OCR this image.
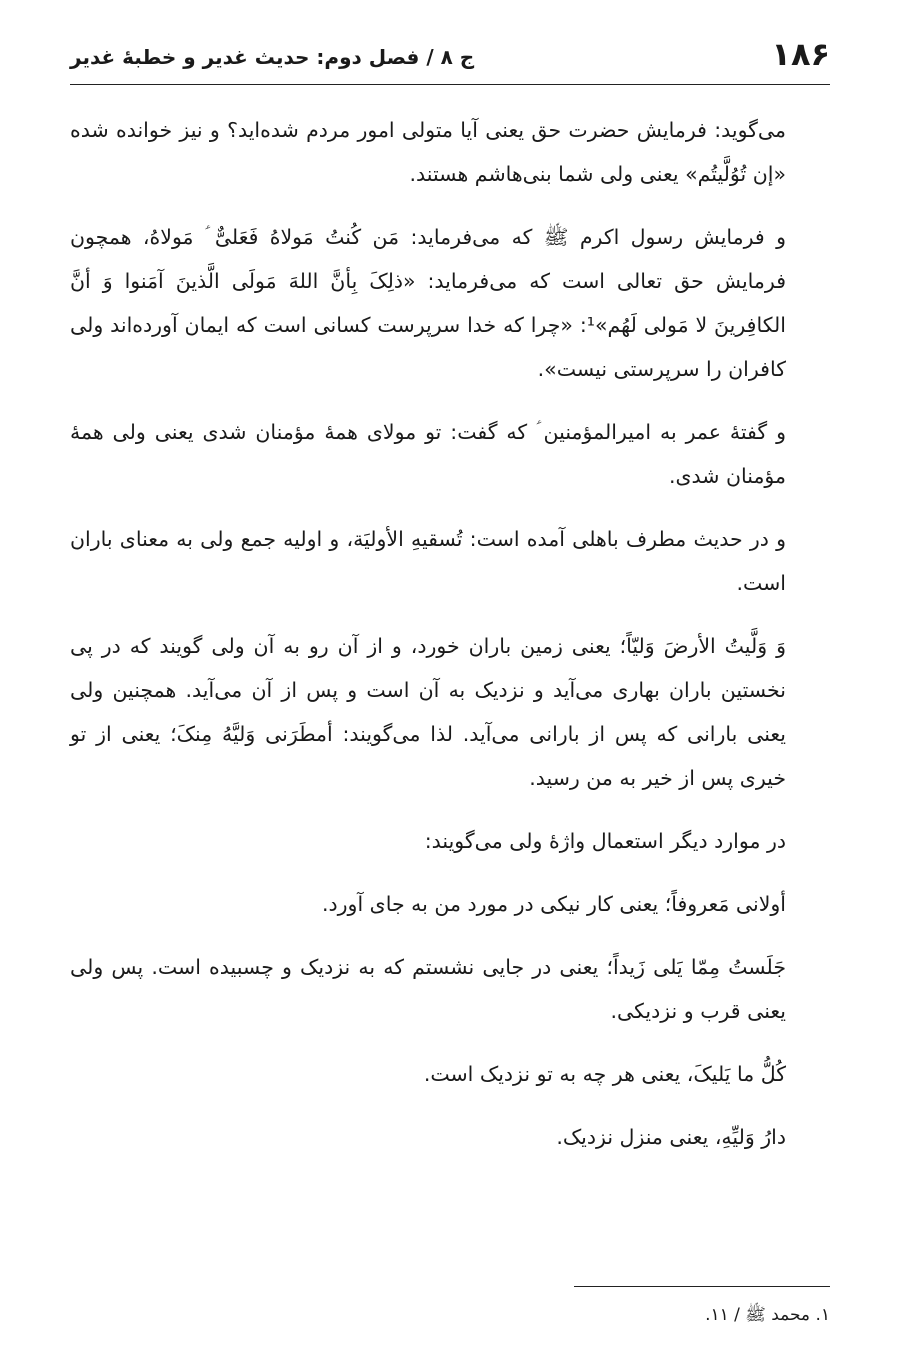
۱۸۶
ج ۸ / فصل دوم: حدیث غدیر و خطبهٔ غدیر

می‌گوید: فرمایش حضرت حق یعنی آیا متولی امور مردم شده‌اید؟ و نیز خوانده شده «إن تُوُلَّیتُم» یعنی ولی شما بنی‌هاشم هستند.

و فرمایش رسول اکرم ﷺ که می‌فرماید: مَن کُنتُ مَولاهُ فَعَلیٌّ ؑ مَولاهُ، همچون فرمایش حق تعالی است که می‌فرماید: «ذلِکَ بِأنَّ اللهَ مَولَی الَّذینَ آمَنوا وَ أنَّ الکافِرینَ لا مَولی لَهُم»¹: «چرا که خدا سرپرست کسانی است که ایمان آورده‌اند ولی کافران را سرپرستی نیست».

و گفتهٔ عمر به امیرالمؤمنین ؑ که گفت: تو مولای همهٔ مؤمنان شدی یعنی ولی همهٔ مؤمنان شدی.

و در حدیث مطرف باهلی آمده است: تُسقیهِ الأولیَة، و اولیه جمع ولی به معنای باران است.

وَ وَلَّیتُ الأرضَ وَلیّاً؛ یعنی زمین باران خورد، و از آن رو به آن ولی گویند که در پی نخستین باران بهاری می‌آید و نزدیک به آن است و پس از آن می‌آید. همچنین ولی یعنی بارانی که پس از بارانی می‌آید. لذا می‌گویند: أمطَرَنی وَلیَّهُ مِنکَ؛ یعنی از تو خیری پس از خیر به من رسید.

در موارد دیگر استعمال واژهٔ ولی می‌گویند:

أولانی مَعروفاً؛ یعنی کار نیکی در مورد من به جای آورد.

جَلَستُ مِمّا یَلی زَیداً؛ یعنی در جایی نشستم که به نزدیک و چسبیده است. پس ولی یعنی قرب و نزدیکی.

کُلُّ ما یَلیکَ، یعنی هر چه به تو نزدیک است.

دارُ وَلیِّهِ، یعنی منزل نزدیک.

۱. محمد ﷺ / ۱۱.
